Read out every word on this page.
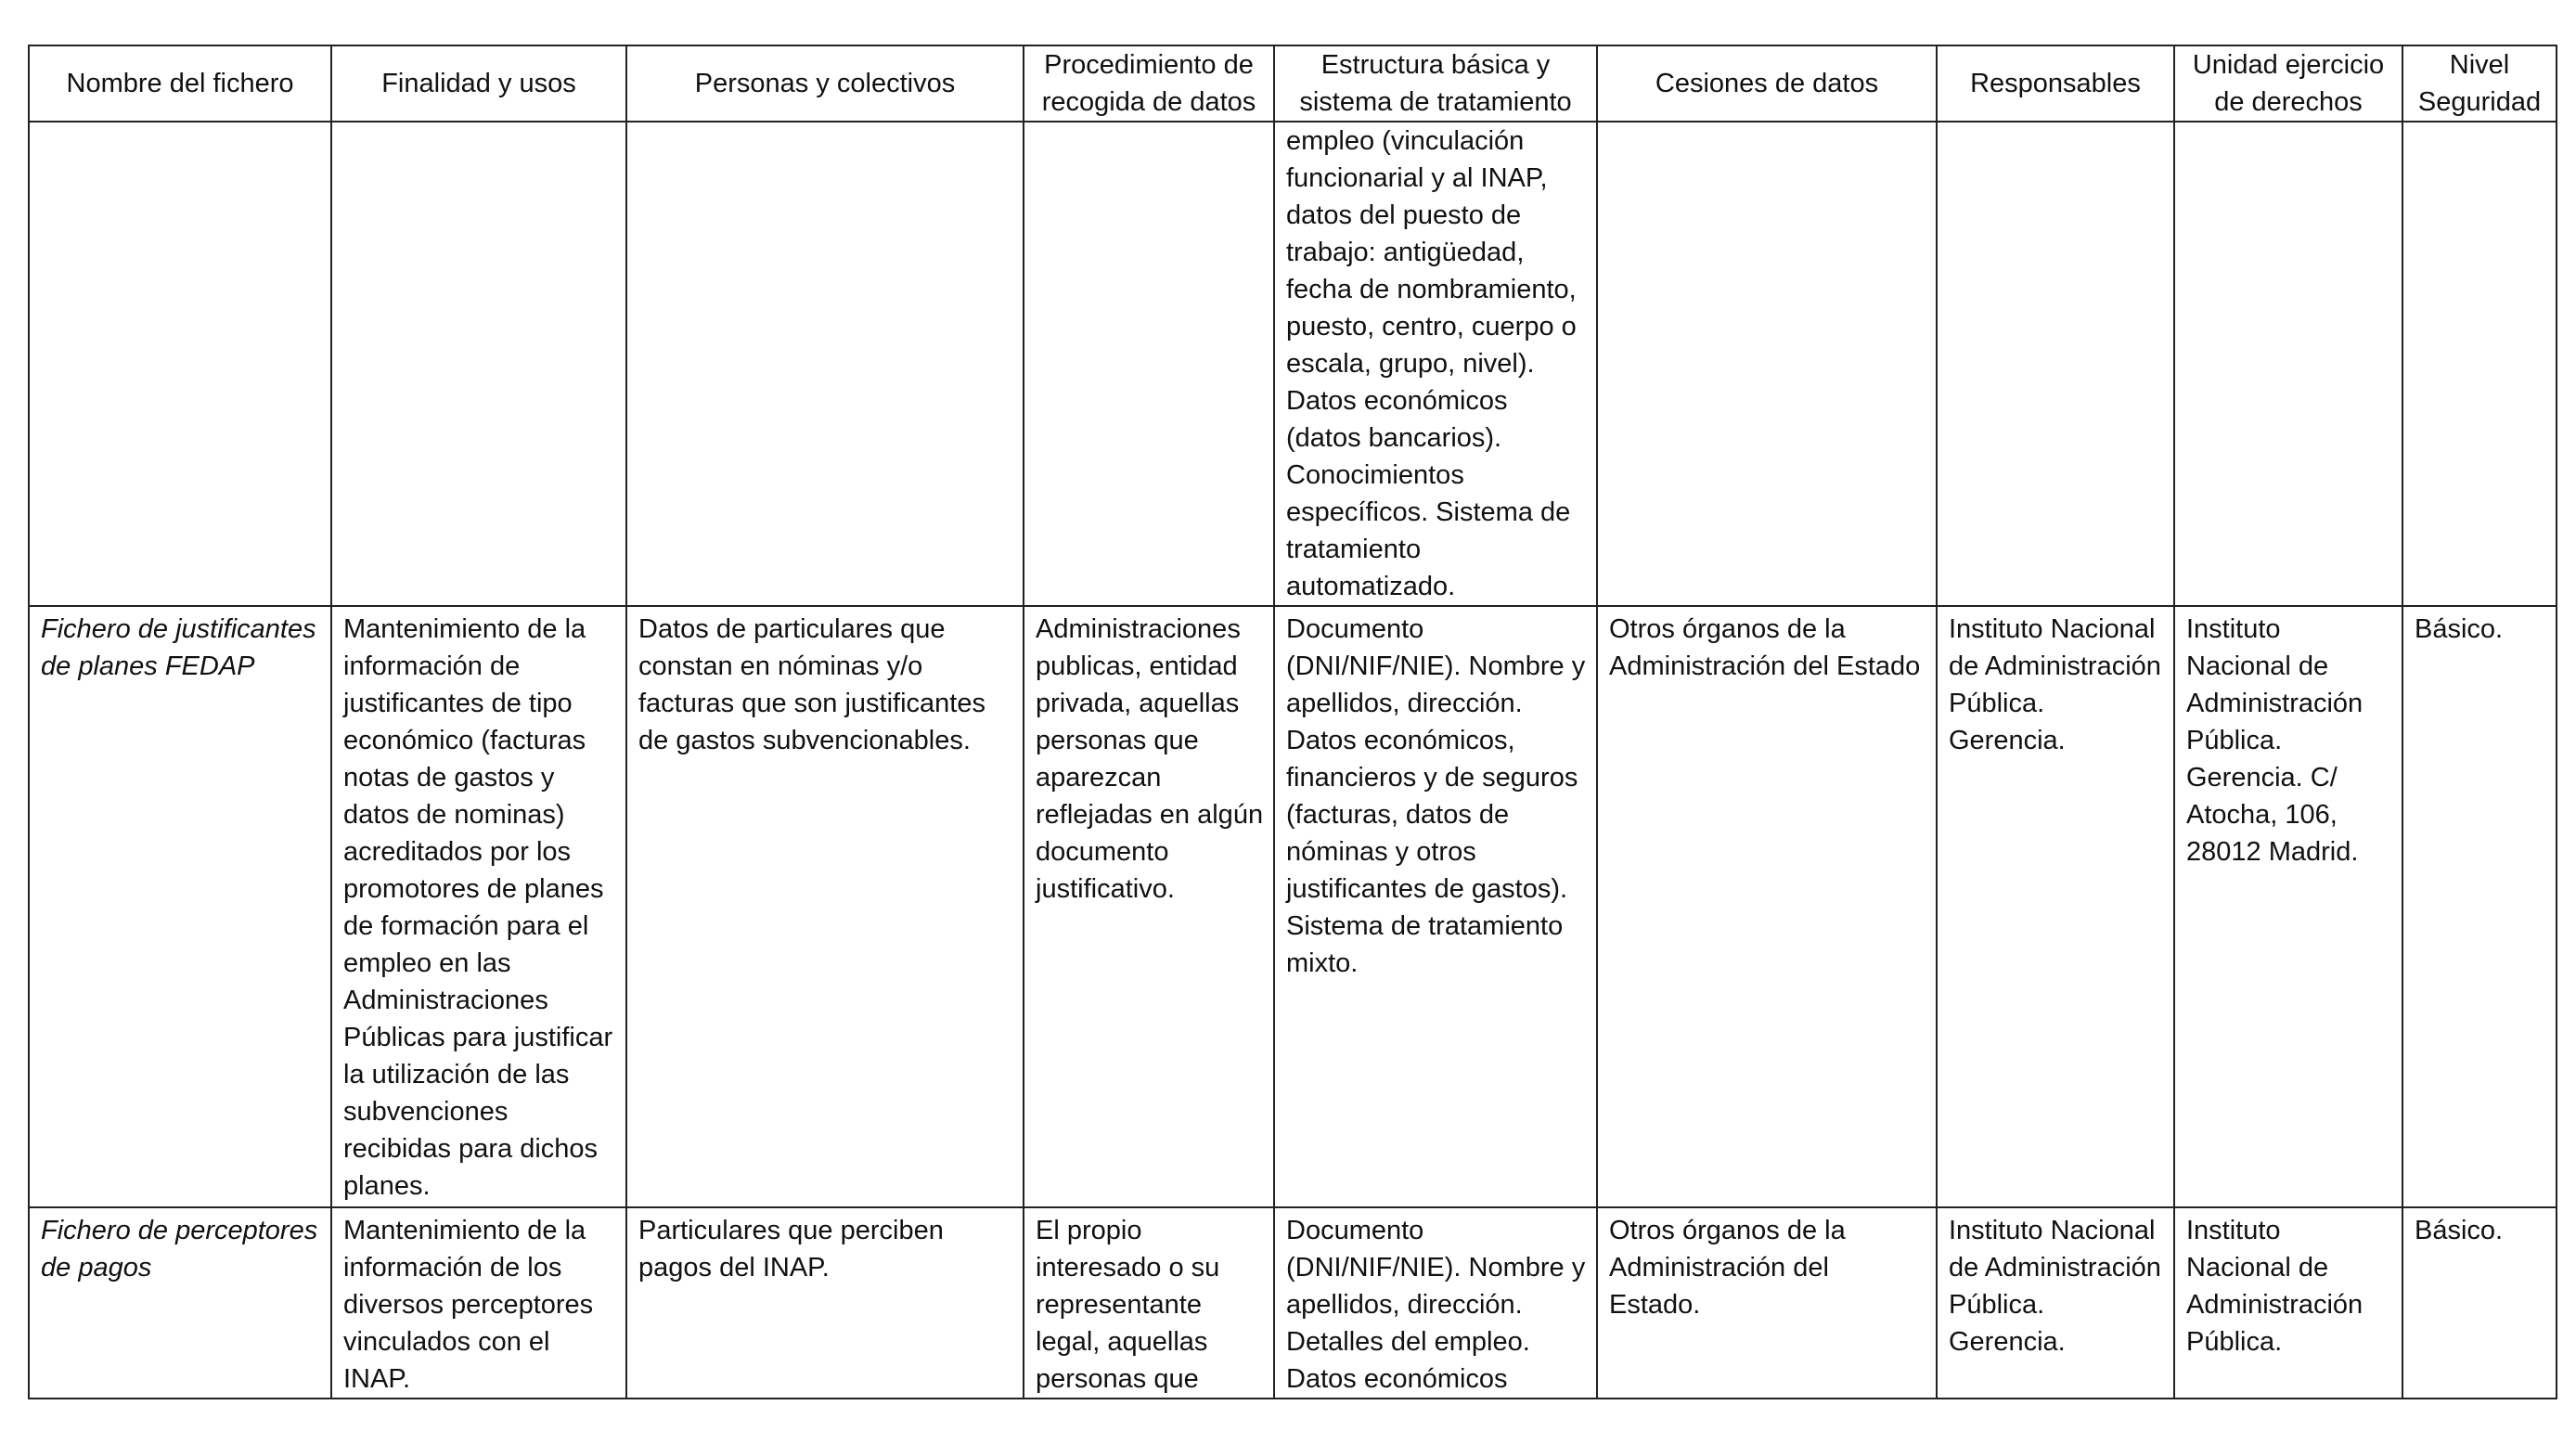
Nombre del fichero	Finalidad y usos	Personas y colectivos	Procedimiento de recogida de datos	Estructura básica y sistema de tratamiento	Cesiones de datos	Responsables	Unidad ejercicio de derechos	Nivel Seguridad
				empleo (vinculación funcionarial y al INAP, datos del puesto de trabajo: antigüedad, fecha de nombramiento, puesto, centro, cuerpo o escala, grupo, nivel). Datos económicos (datos bancarios). Conocimientos específicos. Sistema de tratamiento automatizado.				
Fichero de justificantes de planes FEDAP	Mantenimiento de la información de justificantes de tipo económico (facturas notas de gastos y datos de nominas) acreditados por los promotores de planes de formación para el empleo en las Administraciones Públicas para justificar la utilización de las subvenciones recibidas para dichos planes.	Datos de particulares que constan en nóminas y/o facturas que son justificantes de gastos subvencionables.	Administraciones publicas, entidad privada, aquellas personas que aparezcan reflejadas en algún documento justificativo.	Documento (DNI/NIF/NIE). Nombre y apellidos, dirección. Datos económicos, financieros y de seguros (facturas, datos de nóminas y otros justificantes de gastos). Sistema de tratamiento mixto.	Otros órganos de la Administración del Estado	Instituto Nacional de Administración Pública. Gerencia.	Instituto Nacional de Administración Pública. Gerencia. C/ Atocha, 106, 28012 Madrid.	Básico.
Fichero de perceptores de pagos	Mantenimiento de la información de los diversos perceptores vinculados con el INAP.	Particulares que perciben pagos del INAP.	El propio interesado o su representante legal, aquellas personas que	Documento (DNI/NIF/NIE). Nombre y apellidos, dirección. Detalles del empleo. Datos económicos	Otros órganos de la Administración del Estado.	Instituto Nacional de Administración Pública. Gerencia.	Instituto Nacional de Administración Pública.	Básico.
